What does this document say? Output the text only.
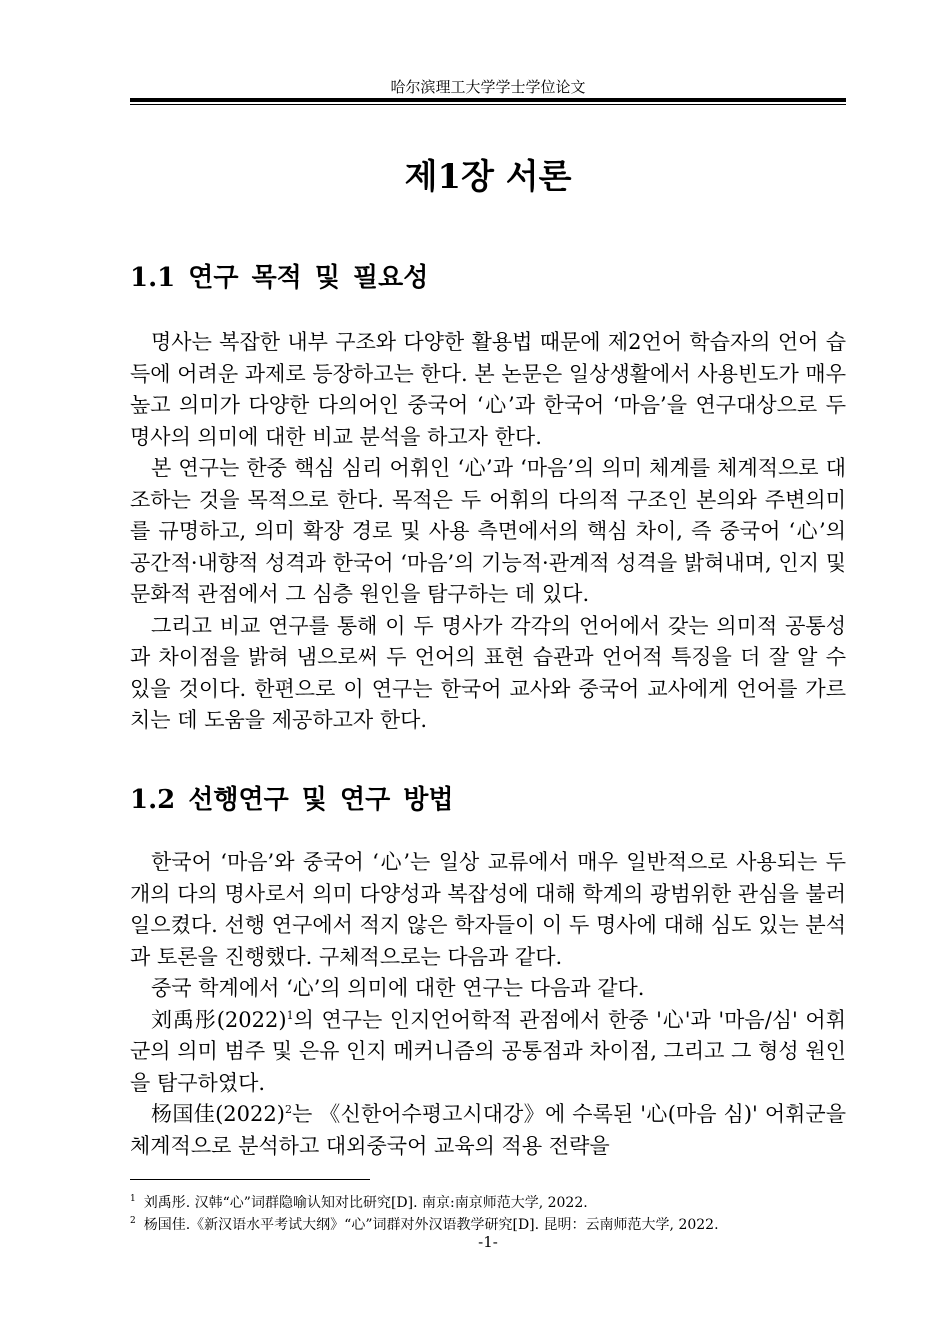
哈尔滨理工大学学士学位论文
제1장 서론
1.1 연구 목적 및 필요성

명사는 복잡한 내부 구조와 다양한 활용법 때문에 제2언어 학습자의 언어 습득에 어려운 과제로 등장하고는 한다. 본 논문은 일상생활에서 사용빈도가 매우 높고 의미가 다양한 다의어인 중국어 ‘心’과 한국어 ‘마음’을 연구대상으로 두 명사의 의미에 대한 비교 분석을 하고자 한다.

본 연구는 한중 핵심 심리 어휘인 ‘心’과 ‘마음’의 의미 체계를 체계적으로 대조하는 것을 목적으로 한다. 목적은 두 어휘의 다의적 구조인 본의와 주변의미를 규명하고, 의미 확장 경로 및 사용 측면에서의 핵심 차이, 즉 중국어 ‘心’의 공간적·내향적 성격과 한국어 ‘마음’의 기능적·관계적 성격을 밝혀내며, 인지 및 문화적 관점에서 그 심층 원인을 탐구하는 데 있다.

그리고 비교 연구를 통해 이 두 명사가 각각의 언어에서 갖는 의미적 공통성과 차이점을 밝혀 냄으로써 두 언어의 표현 습관과 언어적 특징을 더 잘 알 수 있을 것이다. 한편으로 이 연구는 한국어 교사와 중국어 교사에게 언어를 가르치는 데 도움을 제공하고자 한다.

1.2 선행연구 및 연구 방법

한국어 ‘마음’와 중국어 ‘心’는 일상 교류에서 매우 일반적으로 사용되는 두 개의 다의 명사로서 의미 다양성과 복잡성에 대해 학계의 광범위한 관심을 불러일으켰다. 선행 연구에서 적지 않은 학자들이 이 두 명사에 대해 심도 있는 분석과 토론을 진행했다. 구체적으로는 다음과 같다.

중국 학계에서 ‘心’의 의미에 대한 연구는 다음과 같다.

刘禹彤$(2022)^1$의 연구는 인지언어학적 관점에서 한중 '心'과 '마음/심' 어휘군의 의미 범주 및 은유 인지 메커니즘의 공통점과 차이점, 그리고 그 형성 원인을 탐구하였다.

杨国佳$(2022)^2$는 《신한어수평고시대강》에 수록된 '心(마음 심)' 어휘군을 체계적으로 분석하고 대외중국어 교육의 적용 전략을

$^1$ 刘禹彤. 汉韩“心”词群隐喻认知对比研究[D]. 南京:南京师范大学, 2022.

$^2$ 杨国佳.《新汉语水平考试大纲》“心”词群对外汉语教学研究[D]. 昆明：云南师范大学, 2022.

-1-
